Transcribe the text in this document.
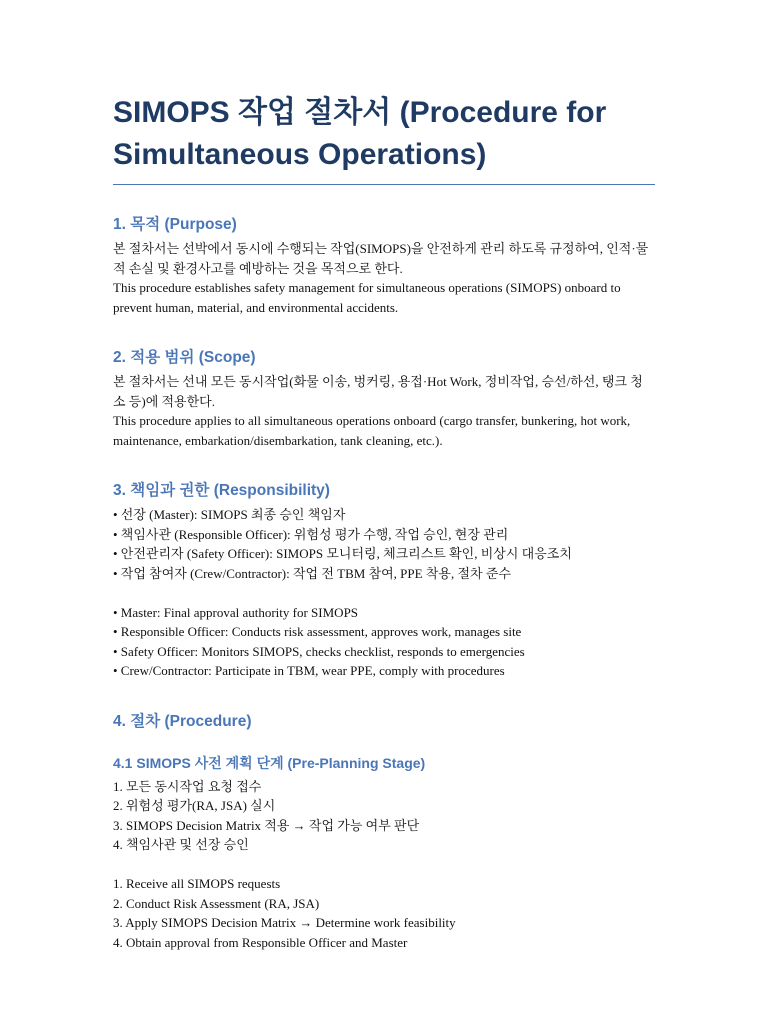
SIMOPS 작업 절차서 (Procedure for Simultaneous Operations)
1. 목적 (Purpose)

본 절차서는 선박에서 동시에 수행되는 작업(SIMOPS)을 안전하게 관리 하도록 규정하여, 인적·물적 손실 및 환경사고를 예방하는 것을 목적으로 한다.

This procedure establishes safety management for simultaneous operations (SIMOPS) onboard to prevent human, material, and environmental accidents.

2. 적용 범위 (Scope)

본 절차서는 선내 모든 동시작업(화물 이송, 벙커링, 용접·Hot Work, 정비작업, 승선/하선, 탱크 청소 등)에 적용한다.

This procedure applies to all simultaneous operations onboard (cargo transfer, bunkering, hot work, maintenance, embarkation/disembarkation, tank cleaning, etc.).

3. 책임과 권한 (Responsibility)
• 선장 (Master): SIMOPS 최종 승인 책임자
• 책임사관 (Responsible Officer): 위험성 평가 수행, 작업 승인, 현장 관리
• 안전관리자 (Safety Officer): SIMOPS 모니터링, 체크리스트 확인, 비상시 대응조치
• 작업 참여자 (Crew/Contractor): 작업 전 TBM 참여, PPE 착용, 절차 준수
• Master: Final approval authority for SIMOPS
• Responsible Officer: Conducts risk assessment, approves work, manages site
• Safety Officer: Monitors SIMOPS, checks checklist, responds to emergencies
• Crew/Contractor: Participate in TBM, wear PPE, comply with procedures
4. 절차 (Procedure)
4.1 SIMOPS 사전 계획 단계 (Pre-Planning Stage)
1. 모든 동시작업 요청 접수
2. 위험성 평가(RA, JSA) 실시
3. SIMOPS Decision Matrix 적용 → 작업 가능 여부 판단
4. 책임사관 및 선장 승인
1. Receive all SIMOPS requests
2. Conduct Risk Assessment (RA, JSA)
3. Apply SIMOPS Decision Matrix → Determine work feasibility
4. Obtain approval from Responsible Officer and Master
